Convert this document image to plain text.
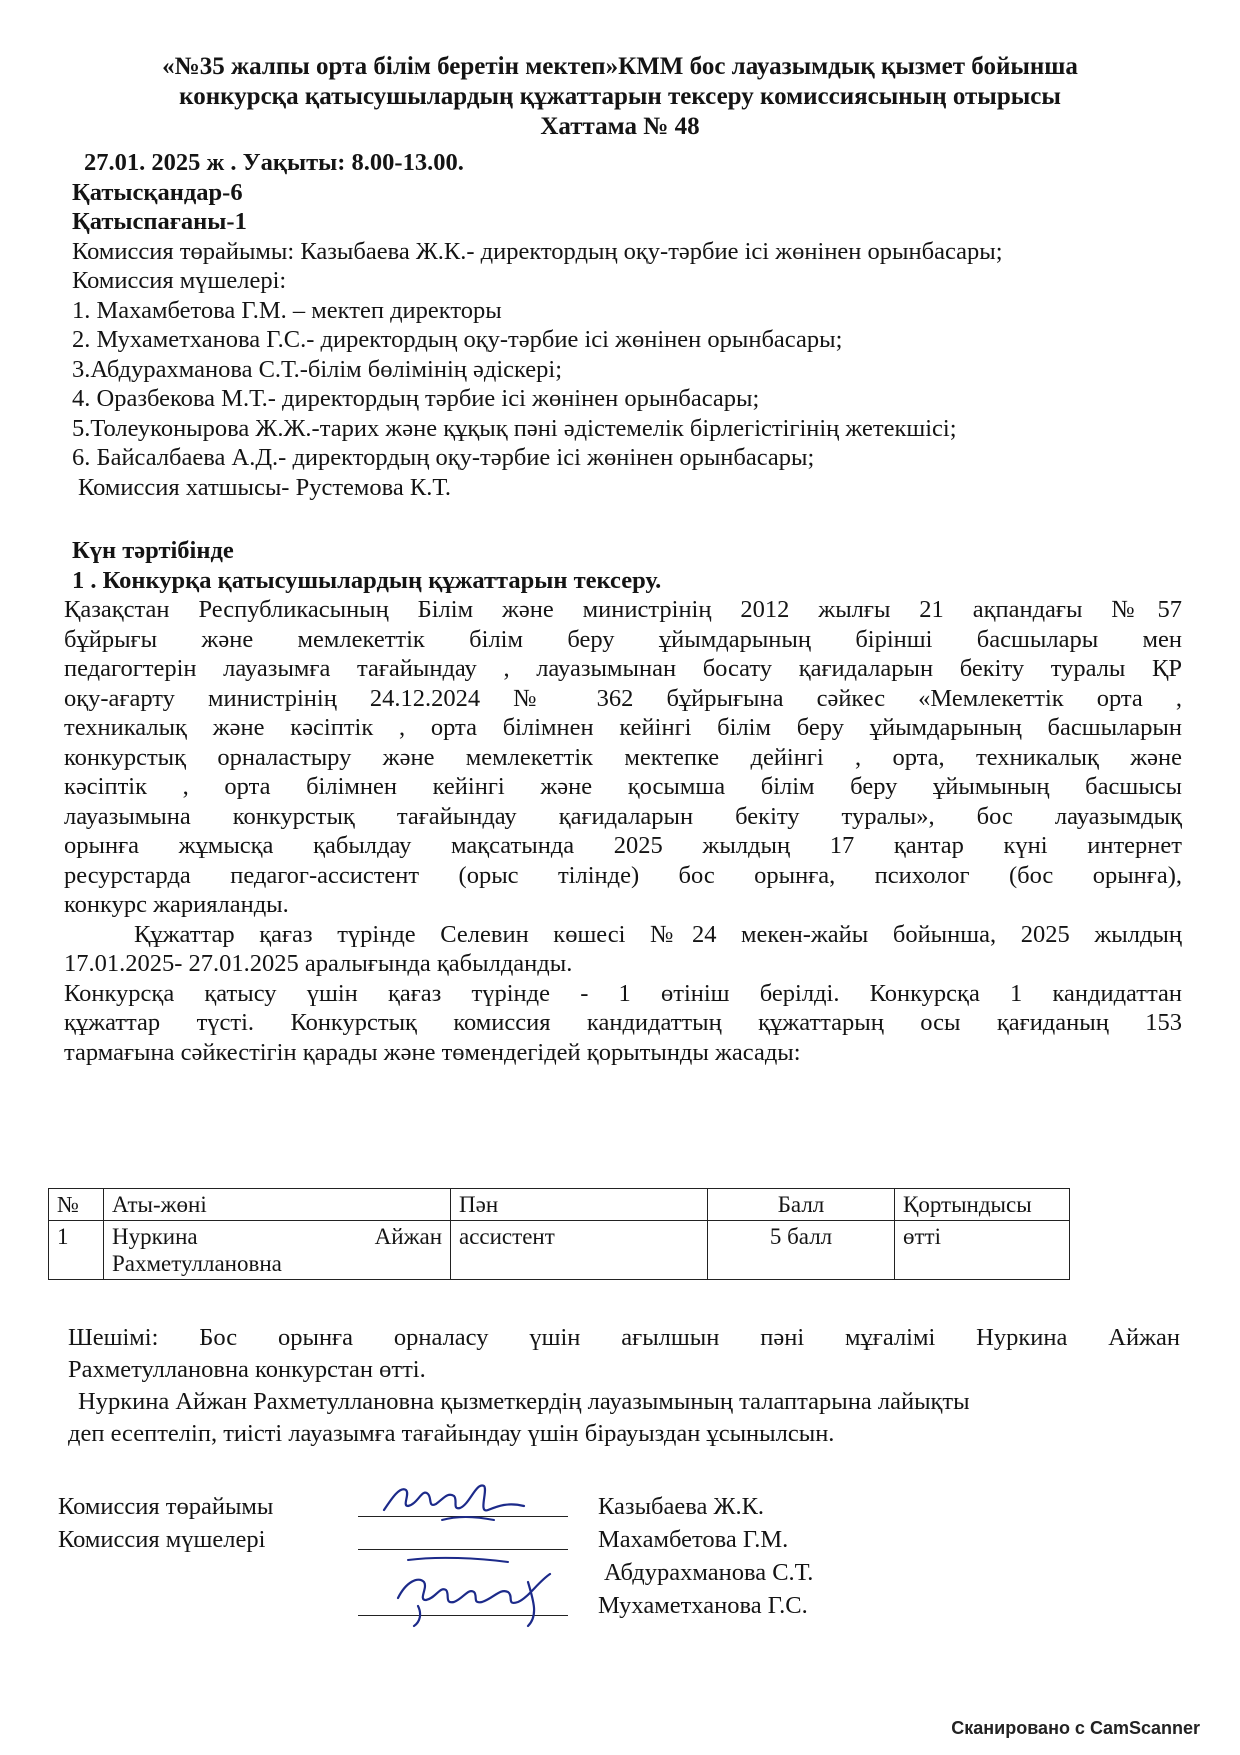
«№35 жалпы орта білім беретін мектеп»КММ бос лауазымдық қызмет бойынша
конкурсқа қатысушылардың құжаттарын тексеру комиссиясының отырысы
Хаттама № 48
27.01. 2025 ж . Уақыты: 8.00-13.00.
Қатысқандар-6
Қатыспағаны-1
Комиссия төрайымы: Казыбаева Ж.К.- директордың оқу-тәрбие ісі жөнінен орынбасары;
Комиссия мүшелері:
1. Махамбетова Г.М. – мектеп директоры
2. Мухаметханова Г.С.- директордың оқу-тәрбие ісі жөнінен орынбасары;
3.Абдурахманова С.Т.-білім бөлімінің әдіскері;
4. Оразбекова М.Т.- директордың тәрбие ісі жөнінен орынбасары;
5.Толеуконырова Ж.Ж.-тарих және құқық пәні әдістемелік бірлегістігінің жетекшісі;
6. Байсалбаева А.Д.- директордың оқу-тәрбие ісі жөнінен орынбасары;
Комиссия хатшысы- Рустемова К.Т.
Күн тәртібінде
1 . Конкурқа қатысушылардың құжаттарын тексеру.
Қазақстан Республикасының Білім және министрінің 2012 жылғы 21 ақпандағы №57
бұйрығы және мемлекеттік білім беру ұйымдарының бірінші басшылары мен
педагогтерін лауазымға тағайындау , лауазымынан босату қағидаларын бекіту туралы ҚР
оқу-ағарту министрінің 24.12.2024 № 362 бұйрығына сәйкес «Мемлекеттік орта ,
техникалық және кәсіптік , орта білімнен кейінгі білім беру ұйымдарының басшыларын
конкурстық орналастыру және мемлекеттік мектепке дейінгі , орта, техникалық және
кәсіптік , орта білімнен кейінгі және қосымша білім беру ұйымының басшысы
лауазымына конкурстық тағайындау қағидаларын бекіту туралы», бос лауазымдық
орынға жұмысқа қабылдау мақсатында 2025 жылдың 17 қантар күні интернет
ресурстарда педагог-ассистент (орыс тілінде) бос орынға, психолог (бос орынға),
конкурс жарияланды.
Құжаттар қағаз түрінде Селевин көшесі №24 мекен-жайы бойынша, 2025 жылдың
17.01.2025- 27.01.2025 аралығында қабылданды.
Конкурсқа қатысу үшін қағаз түрінде - 1 өтініш берілді. Конкурсқа 1 кандидаттан
құжаттар түсті. Конкурстық комиссия кандидаттың құжаттарың осы қағиданың 153
тармағына сәйкестігін қарады және төмендегідей қорытынды жасады:
№	Аты-жөні	Пән	Балл	Қортындысы
1	Нуркина Айжан
Рахметуллановна	ассистент	5 балл	өтті
Шешімі: Бос орынға орналасу үшін ағылшын пәні мұғалімі Нуркина Айжан
Рахметуллановна конкурстан өтті.
Нуркина Айжан Рахметуллановна қызметкердің лауазымының талаптарына лайықты
деп есептеліп, тиісті лауазымға тағайындау үшін бірауыздан ұсынылсын.
Комиссия төрайымы	Казыбаева Ж.К.
Комиссия мүшелері	Махамбетова Г.М.
Абдурахманова С.Т.
Мухаметханова Г.С.
Сканировано с CamScanner
